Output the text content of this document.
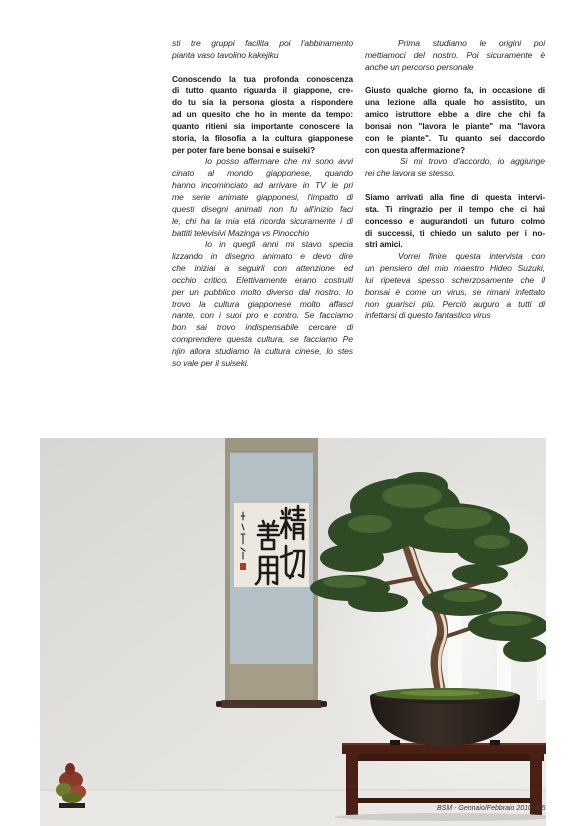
sti tre gruppi facilita poi l'abbinamento
pianta vaso tavolino kakejiku
Conoscendo la tua profonda conoscenza
di tutto quanto riguarda il giappone, cre-
do tu sia la persona giosta a rispondere
ad un quesito che ho in mente da tempo:
quanto ritieni sia importante conoscere la
storia, la filosofia a la cultura giapponese
per poter fare bene bonsai e suiseki?
Io posso affermare che mi sono avvi
cinato al mondo giapponese, quando
hanno incominciato ad arrivare in TV le pri
me serie animate giapponesi, l'impatto di
questi disegni animati non fu all'inizio faci
le, chi ha la mia età ricorda sicuramente i di
battiti televisivi Mazinga vs Pinocchio
Io in quegli anni mi stavo specia
lizzando in disegno animato e devo dire
che iniziai a seguirli con attenzione ed
occhio critico. Elettivamente erano costruiti
per un pubblico molto diverso dal nostro. Io
trovo la cultura giapponese molto affasci
nante, con i suoi pro e contro. Se facciamo
bon sai trovo indispensabile cercare di
comprendere questa cultura, se facciamo Pe
njin allora studiamo la cultura cinese, lo stes
so vale per il suiseki.
Prima studiamo le origini poi
mettiamoci del nostro. Poi sicuramente è
anche un percorso personale
Giusto qualche giorno fa, in occasione di
una lezione alla quale ho assistito, un
amico istruttore ebbe a dire che chi fa
bonsai non "lavora le piante" ma "lavora
con le piante". Tu quanto sei daccordo
con questa affermazione?
Si mi trovo d'accordo, io aggiunge
rei che lavora se stesso.
Siamo arrivati alla fine di questa intervi-
sta. Ti ringrazio per il tempo che ci hai
concesso e augurandoti un futuro colmo
di successi, ti chiedo un saluto per i no-
stri amici.
Vorrei finire questa intervista con
un pensiero del mio maestro Hideo Suzuki,
lui ripeteva spesso scherzosamente che il
bonsai è come un virus, se rimani infettato
non guarisci più. Perciò auguro a tutti di
infettarsi di questo fantastico virus
BSM - Gennaio/Febbraio 2010 105
